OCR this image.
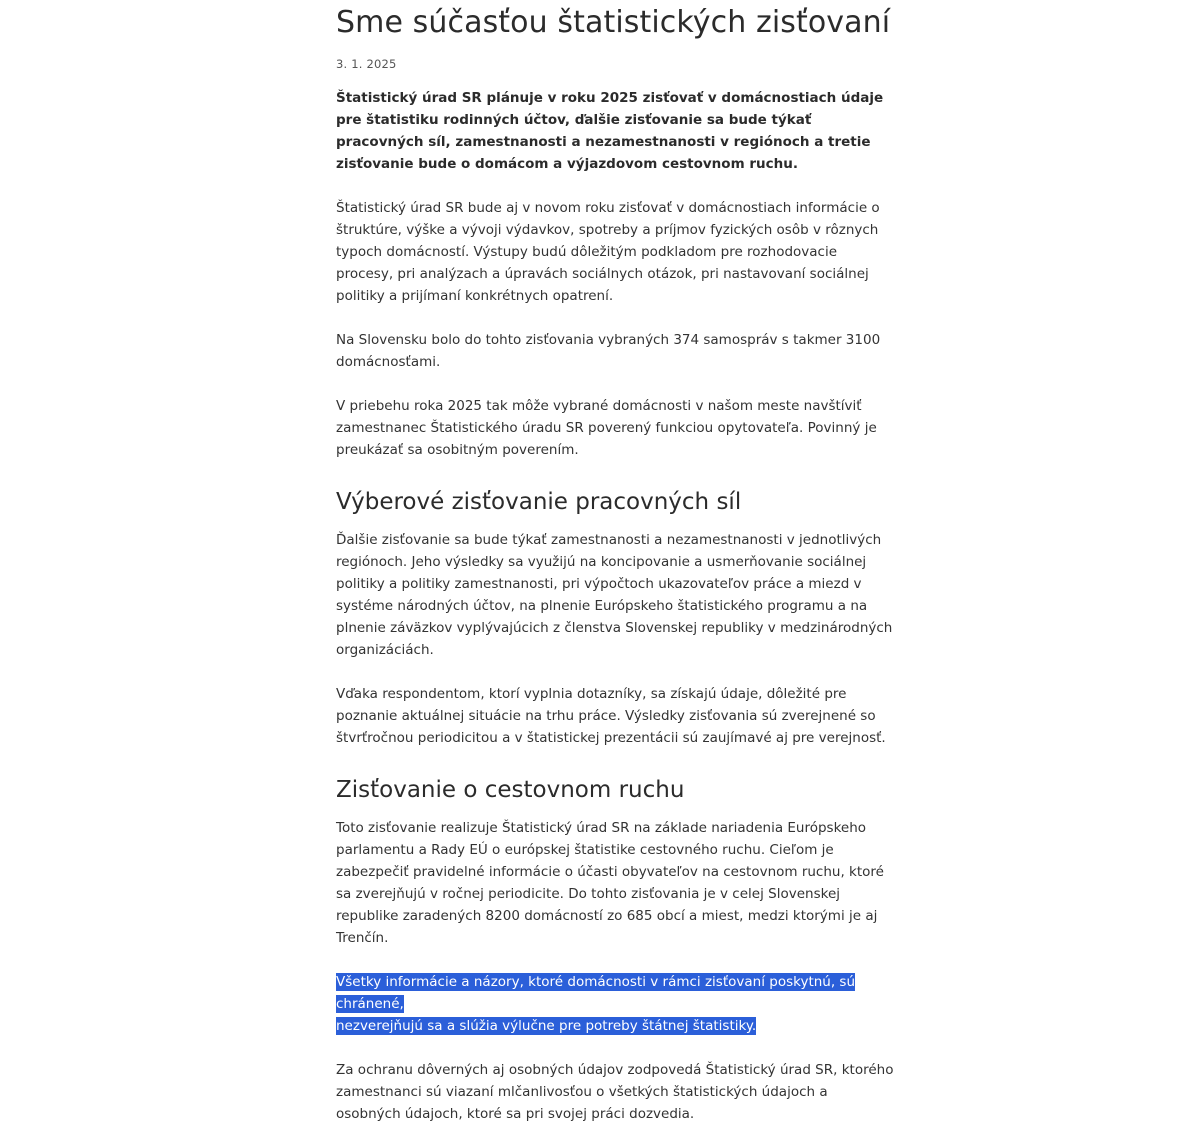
Sme súčasťou štatistických zisťovaní
3. 1. 2025

Štatistický úrad SR plánuje v roku 2025 zisťovať v domácnostiach údaje pre štatistiku rodinných účtov, ďalšie zisťovanie sa bude týkať pracovných síl, zamestnanosti a nezamestnanosti v regiónoch a tretie zisťovanie bude o domácom a výjazdovom cestovnom ruchu.

Štatistický úrad SR bude aj v novom roku zisťovať v domácnostiach informácie o štruktúre, výške a vývoji výdavkov, spotreby a príjmov fyzických osôb v rôznych typoch domácností. Výstupy budú dôležitým podkladom pre rozhodovacie procesy, pri analýzach a úpravách sociálnych otázok, pri nastavovaní sociálnej politiky a prijímaní konkrétnych opatrení.

Na Slovensku bolo do tohto zisťovania vybraných 374 samospráv s takmer 3100 domácnosťami.

V priebehu roka 2025 tak môže vybrané domácnosti v našom meste navštíviť zamestnanec Štatistického úradu SR poverený funkciou opytovateľa. Povinný je preukázať sa osobitným poverením.

Výberové zisťovanie pracovných síl

Ďalšie zisťovanie sa bude týkať zamestnanosti a nezamestnanosti v jednotlivých regiónoch. Jeho výsledky sa využijú na koncipovanie a usmerňovanie sociálnej politiky a politiky zamestnanosti, pri výpočtoch ukazovateľov práce a miezd v systéme národných účtov, na plnenie Európskeho štatistického programu a na plnenie záväzkov vyplývajúcich z členstva Slovenskej republiky v medzinárodných organizáciách.

Vďaka respondentom, ktorí vyplnia dotazníky, sa získajú údaje, dôležité pre poznanie aktuálnej situácie na trhu práce. Výsledky zisťovania sú zverejnené so štvrťročnou periodicitou a v štatistickej prezentácii sú zaujímavé aj pre verejnosť.

Zisťovanie o cestovnom ruchu

Toto zisťovanie realizuje Štatistický úrad SR na základe nariadenia Európskeho parlamentu a Rady EÚ o európskej štatistike cestovného ruchu. Cieľom je zabezpečiť pravidelné informácie o účasti obyvateľov na cestovnom ruchu, ktoré sa zverejňujú v ročnej periodicite. Do tohto zisťovania je v celej Slovenskej republike zaradených 8200 domácností zo 685 obcí a miest, medzi ktorými je aj Trenčín.

Všetky informácie a názory, ktoré domácnosti v rámci zisťovaní poskytnú, sú chránené,
nezverejňujú sa a slúžia výlučne pre potreby štátnej štatistiky.

Za ochranu dôverných aj osobných údajov zodpovedá Štatistický úrad SR, ktorého zamestnanci sú viazaní mlčanlivosťou o všetkých štatistických údajoch a osobných údajoch, ktoré sa pri svojej práci dozvedia.
